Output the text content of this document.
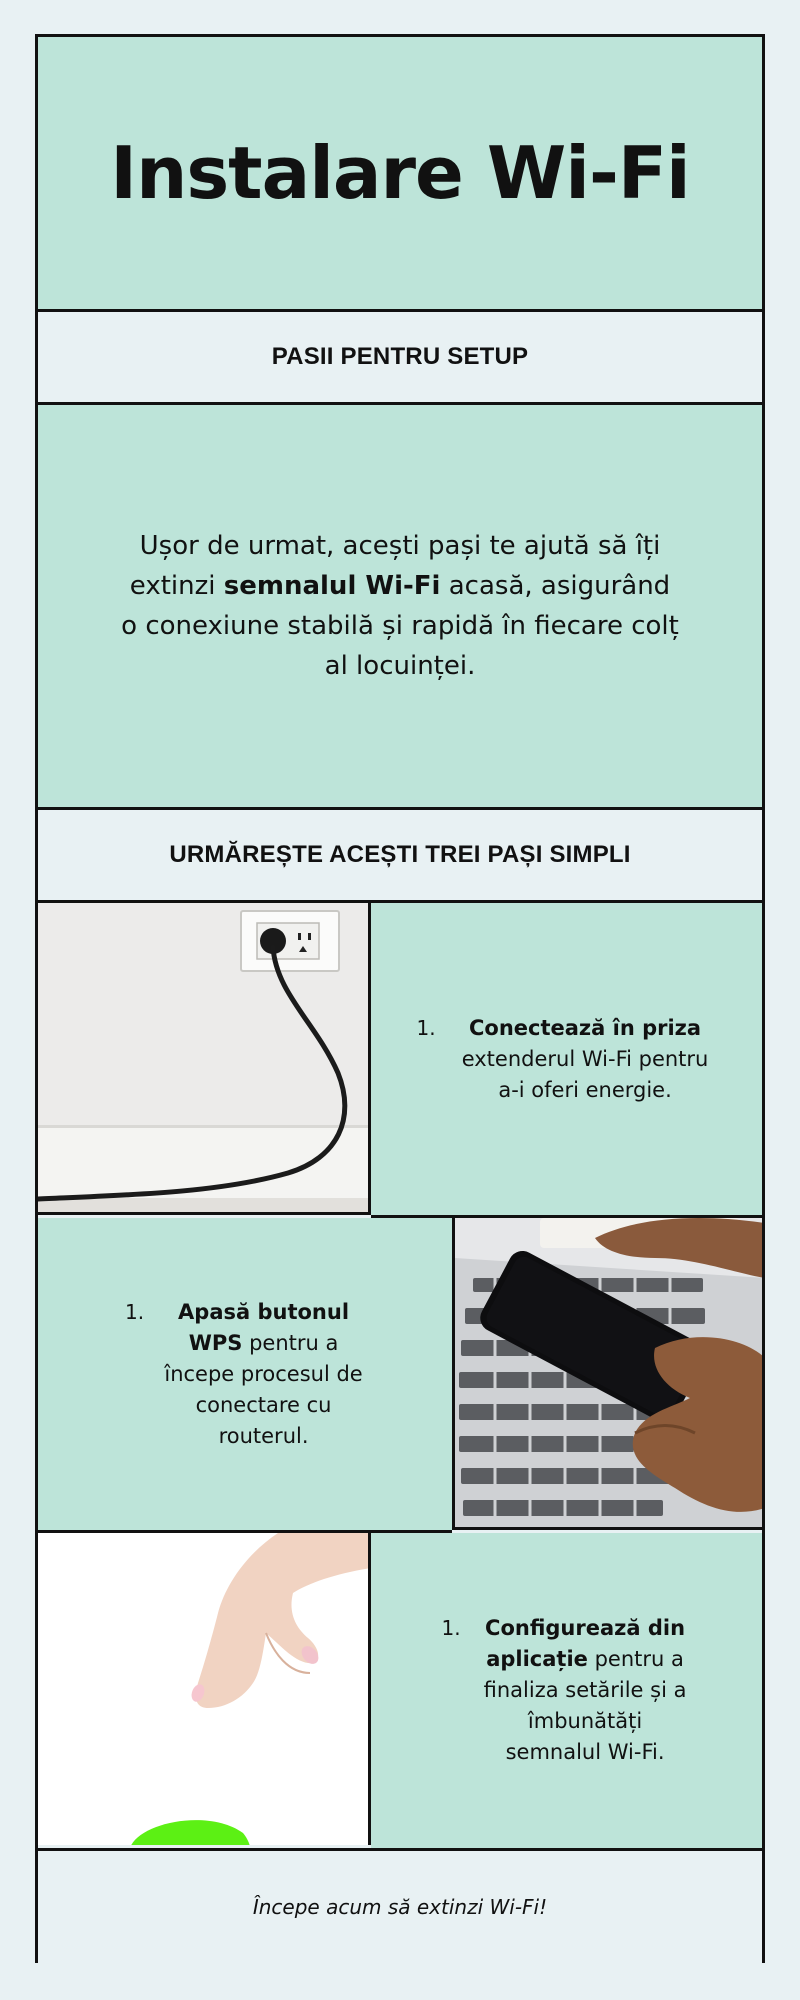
Instalare Wi-Fi
PASII PENTRU SETUP

Ușor de urmat, acești pași te ajută să îți extinzi semnalul Wi-Fi acasă, asigurând o conexiune stabilă și rapidă în fiecare colț al locuinței.

URMĂREȘTE ACEȘTI TREI PAȘI SIMPLI
1.	Conectează în priza extenderul Wi-Fi pentru a-i oferi energie.
1.	Apasă butonul WPS pentru a începe procesul de conectare cu routerul.
1.	Configurează din aplicație pentru a finaliza setările și a îmbunătăți semnalul Wi-Fi.

Începe acum să extinzi Wi-Fi!
